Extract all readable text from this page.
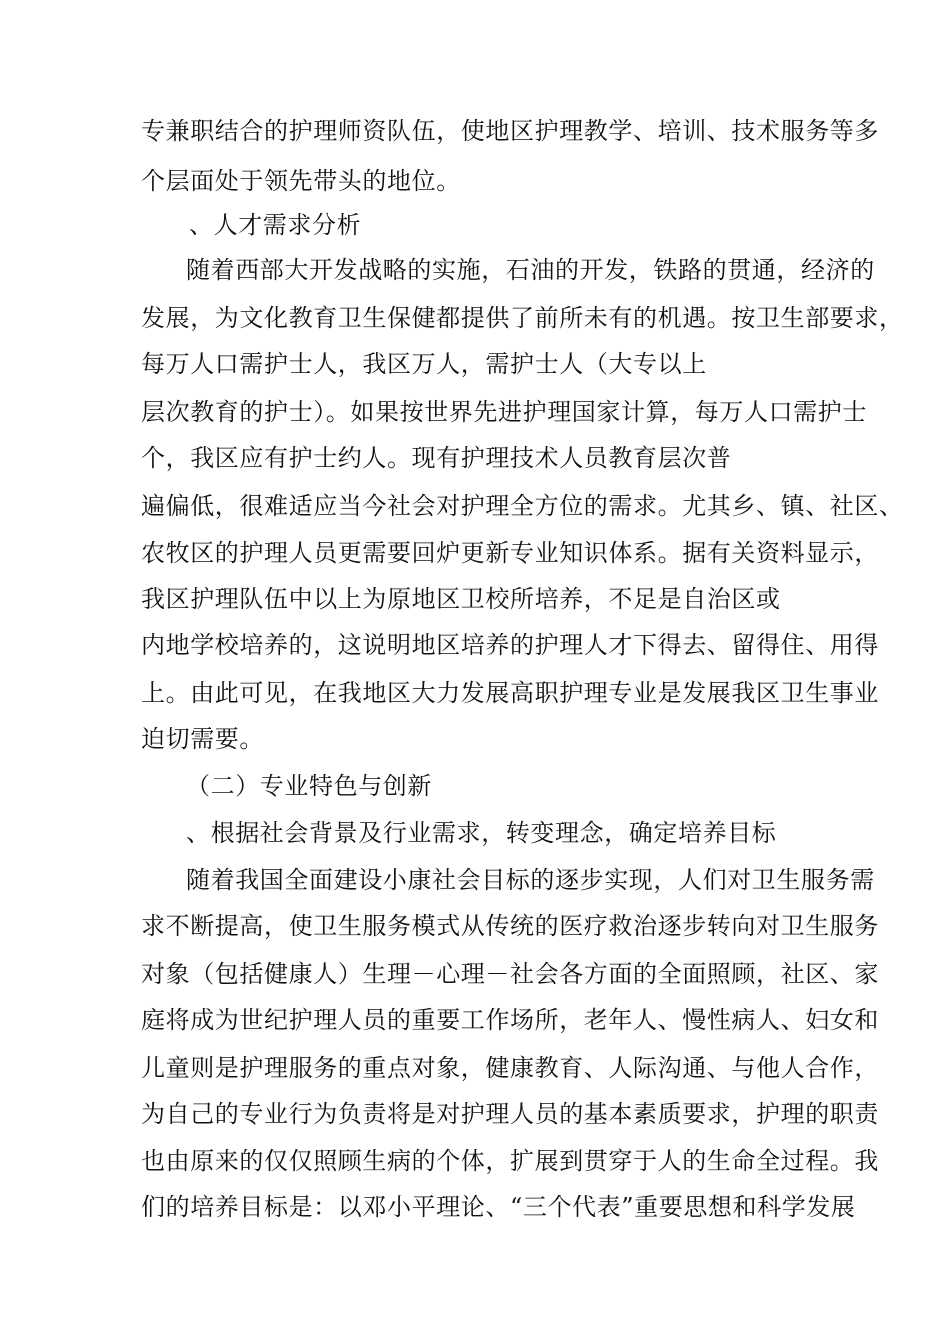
专兼职结合的护理师资队伍，使地区护理教学、培训、技术服务等多
个层面处于领先带头的地位。
、人才需求分析
随着西部大开发战略的实施，石油的开发，铁路的贯通，经济的
发展，为文化教育卫生保健都提供了前所未有的机遇。按卫生部要求，
每万人口需护士人，我区万人，需护士人（大专以上
层次教育的护士）。如果按世界先进护理国家计算，每万人口需护士
个，我区应有护士约人。现有护理技术人员教育层次普
遍偏低，很难适应当今社会对护理全方位的需求。尤其乡、镇、社区、
农牧区的护理人员更需要回炉更新专业知识体系。据有关资料显示，
我区护理队伍中以上为原地区卫校所培养，不足是自治区或
内地学校培养的，这说明地区培养的护理人才下得去、留得住、用得
上。由此可见，在我地区大力发展高职护理专业是发展我区卫生事业
迫切需要。
（二）专业特色与创新
、根据社会背景及行业需求，转变理念，确定培养目标
随着我国全面建设小康社会目标的逐步实现，人们对卫生服务需
求不断提高，使卫生服务模式从传统的医疗救治逐步转向对卫生服务
对象（包括健康人）生理－心理－社会各方面的全面照顾，社区、家
庭将成为世纪护理人员的重要工作场所，老年人、慢性病人、妇女和
儿童则是护理服务的重点对象，健康教育、人际沟通、与他人合作，
为自己的专业行为负责将是对护理人员的基本素质要求，护理的职责
也由原来的仅仅照顾生病的个体，扩展到贯穿于人的生命全过程。我
们的培养目标是：以邓小平理论、“三个代表”重要思想和科学发展
